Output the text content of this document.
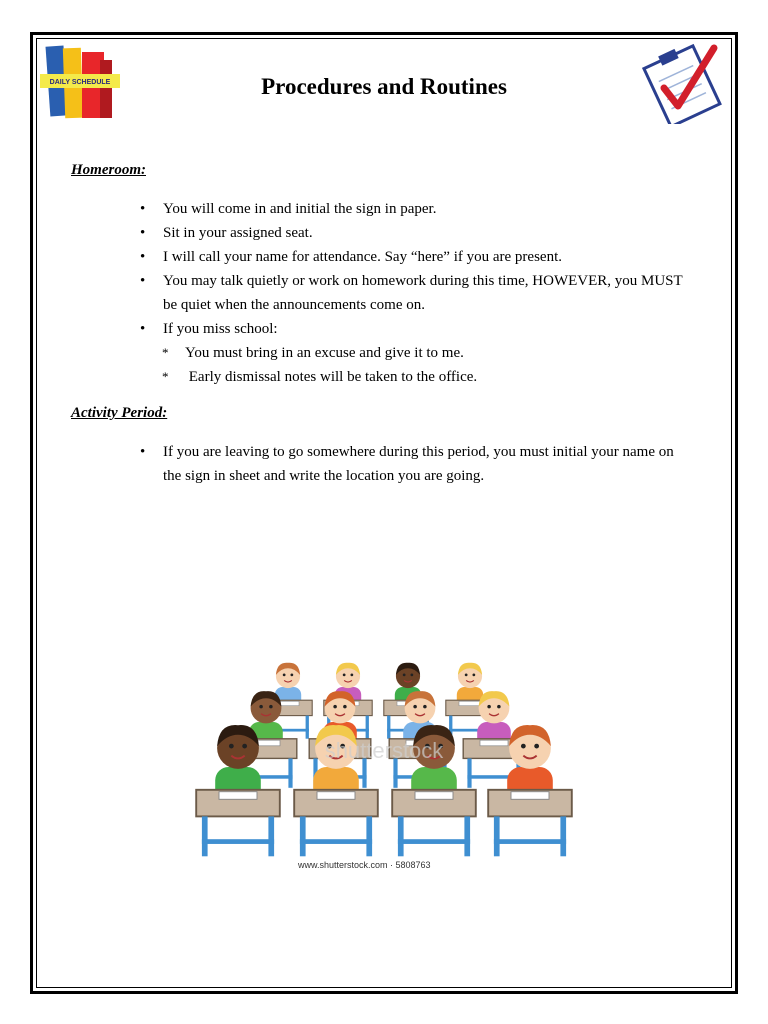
DAILY SCHEDULE	Procedures and Routines
Homeroom:
• You will come in and initial the sign in paper.
• Sit in your assigned seat.
• I will call your name for attendance. Say “here” if you are present.
• You may talk quietly or work on homework during this time, HOWEVER, you MUST be quiet when the announcements come on.
• If you miss school:
* You must bring in an excuse and give it to me.
* Early dismissal notes will be taken to the office.
Activity Period:
• If you are leaving to go somewhere during this period, you must initial your name on the sign in sheet and write the location you are going.
shutterstock
www.shutterstock.com · 5808763
